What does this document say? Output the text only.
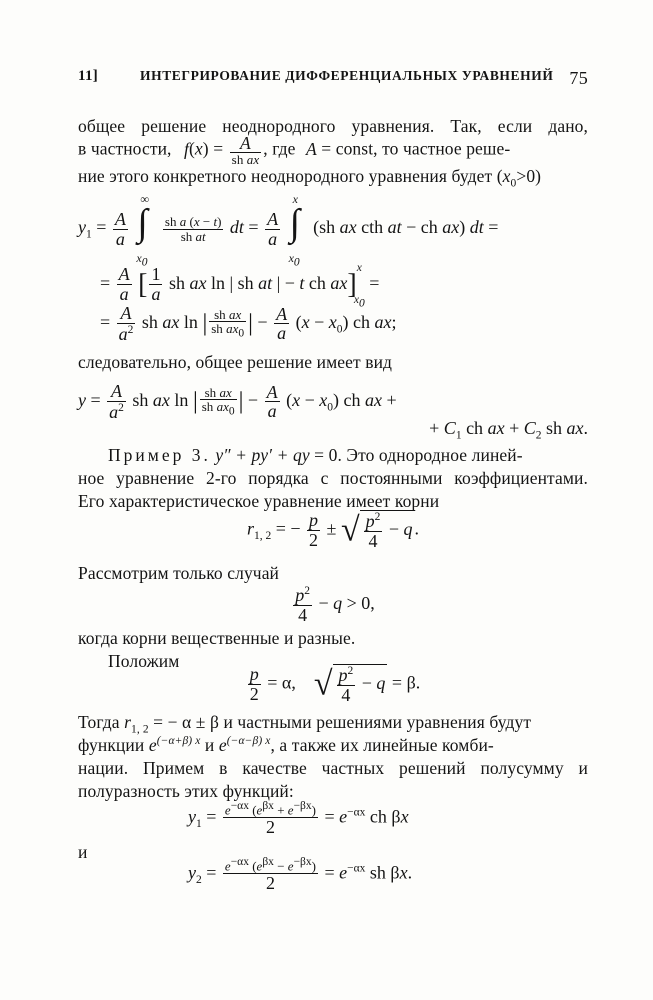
11]	ИНТЕГРИРОВАНИЕ ДИФФЕРЕНЦИАЛЬНЫХ УРАВНЕНИЙ 75
общее решение неоднородного уравнения. Так, если дано,
в частности, $f(x) = \frac{A}{\text{sh ax}}$ , где A = const, то частное реше-
ние этого конкретного неоднородного уравнения будет $(x_0>0)$
$y_1 = \frac{A}{a}$

∞
∫
$x_0$

$\frac{\text{sh a (x − t)}}{\text{sh at}}$ dt = $\frac{A}{a}$

x
∫
$x_0$
(sh ax cth at − ch ax) dt =
= $\frac{A}{a}$ [ $\frac{1}{a}$ sh ax ln | sh at | − t ch ax]$^x_{x_0}$ =
= $\frac{A}{a^2}$ sh ax ln | $\frac{\text{sh ax}}{sh ax_0}$ | − $\frac{A}{a} (x - x_0)$ ch ax;
следовательно, общее решение имеет вид
$y = \frac{A}{a^2}$ sh ax ln | $\frac{\text{sh ax}}{sh ax_0}$ | − $\frac{A}{a} (x - x_0)$ ch ax +
+ $C_1$ ch ax + $C_2$ sh ax.
Пример 3. y″ + py′ + qy = 0. Это однородное линей-
ное уравнение 2-го порядка с постоянными коэффициентами.
Его характеристическое уравнение имеет корни
$r_{1, 2}$ = − $\frac{p}{2}$ ± √ $\frac{p^2}{4} - q$ .
Рассмотрим только случай
$\frac{p^2}{4} - q > 0$,
когда корни вещественные и разные.
Положим
$\frac{p}{2} = \alpha$,    √ $\frac{p^2}{4} - q = \beta$.
Тогда $r_{1, 2}$ = − α ± β и частными решениями уравнения будут
функции $e^{(-\alpha+\beta) x}$ и $e^{(-\alpha-\beta) x}$, а также их линейные комби-
нации. Примем в качестве частных решений полусумму и
полуразность этих функций:
$y_1 = \frac{e^{-\alpha x} (e^{\beta x} + e^{-\beta x})}{2} = e^{-\alpha x}$ ch βx
и
$y_2 = \frac{e^{-\alpha x} (e^{\beta x} - e^{-\beta x})}{2} = e^{-\alpha x}$ sh βx.
